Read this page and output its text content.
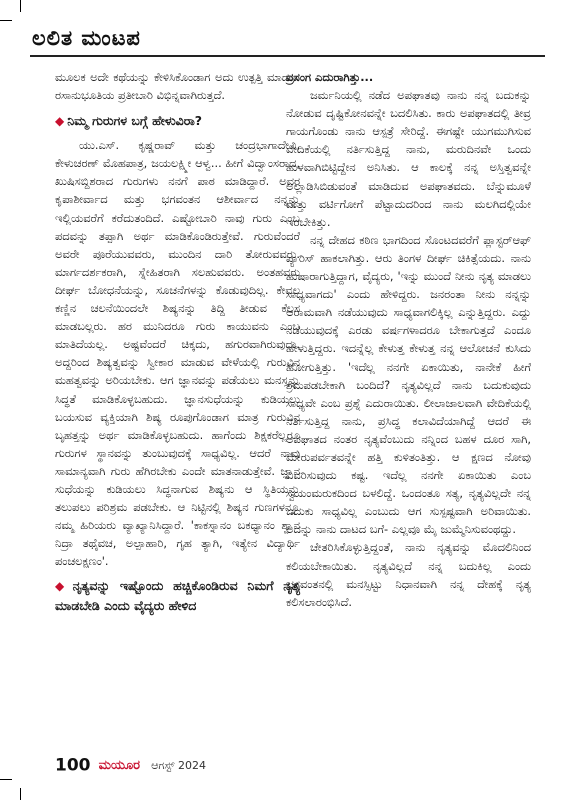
ಲಲಿತ ಮಂಟಪ

ಮೂಲಕ ಅದೇ ಕಥೆಯನ್ನು ಕೇಳಿಸಿಕೊಂಡಾಗ ಅದು ಉತ್ಪತ್ತಿ ಮಾಡುವ ರಸಾನುಭೂತಿಯ ಪ್ರತೀಬಾರಿ ವಿಭಿನ್ನವಾಗಿರುತ್ತದೆ.

◆ ನಿಮ್ಮ ಗುರುಗಳ ಬಗ್ಗೆ ಹೇಳುವಿರಾ?

ಯು.ಎಸ್. ಕೃಷ್ಣರಾವ್ ಮತ್ತು ಚಂದ್ರಭಾಗಾದೇವಿ, ಕೇಳುಚರಣ್ ಮೊಹಪಾತ್ರ, ಜಯಲಕ್ಷ್ಮೀ ಆಳ್ವ... ಹೀಗೆ ವಿದ್ವಾಂಸರಾದ, ಖುಷಿಸಬ್ದಿಶರಾದ ಗುರುಗಳು ನನಗೆ ಪಾಠ ಮಾಡಿದ್ದಾರೆ. ಅವರ ಕೃಪಾಶೀರ್ವಾದ ಮತ್ತು ಭಗವಂತನ ಆಶೀರ್ವಾದ ನನ್ನನ್ನು ಇಲ್ಲಿಯವರೆಗೆ ಕರೆದುತಂದಿದೆ. ಎಷ್ಟೋಬಾರಿ ನಾವು ಗುರು ಎಂಬ ಪದವನ್ನು ತಪ್ಪಾಗಿ ಅರ್ಥ ಮಾಡಿಕೊಂಡಿರುತ್ತೇವೆ. ಗುರುವೆಂದರೆ ಅವರೇ ಪೂರೆಯುವವರು, ಮುಂದಿನ ದಾರಿ ತೋರುವವರು. ಮಾರ್ಗದರ್ಶಕರಾಗಿ, ಸ್ನೇಹಿತರಾಗಿ ಸಲಹುವವರು. ಅಂತಹವರು ದೀರ್ಘ ಬೋಧನೆಯನ್ನು, ಸೂಚನೆಗಳನ್ನು ಕೊಡುವುದಿಲ್ಲ. ಕೇವಲ ಕಣ್ಣಿನ ಚಲನೆಯಿಂದಲೇ ಶಿಷ್ಯನನ್ನು ತಿದ್ದಿ ತೀಡುವ ಕೆಲಸ ಮಾಡಬಲ್ಲರು. ಹರ ಮುನಿದರೂ ಗುರು ಕಾಯುವನು ಎಂಬ ಮಾತಿದೆಯಲ್ಲ. ಅಷ್ಟವೆಂದರೆ ಚಿಕ್ಕದು, ಹಗುರವಾಗಿರುವುದು. ಅದ್ದರಿಂದ ಶಿಷ್ಯತ್ವವನ್ನು ಸ್ವೀಕಾರ ಮಾಡುವ ವೇಳೆಯಲ್ಲಿ ಗುರುವಿನ ಮಹತ್ವವನ್ನು ಅರಿಯಬೇಕು. ಆಗ ಜ್ಞಾನವನ್ನು ಪಡೆಯಲು ಮನಸ್ಸನ್ನು ಸಿದ್ಧತೆ ಮಾಡಿಕೊಳ್ಳಬಹುದು. ಜ್ಞಾನಸುಧೆಯನ್ನು ಕುಡಿಯಲು ಬಯಸುವ ವ್ಯಕ್ತಿಯಾಗಿ ಶಿಷ್ಯ ರೂಪುಗೊಂಡಾಗ ಮಾತ್ರ ಗುರುವಿನ ಬೃಹತ್ತನ್ನು ಅರ್ಥ ಮಾಡಿಕೊಳ್ಳಬಹುದು. ಹಾಗೆಂದು ಶಿಕ್ಷಕರೆಲ್ಲರೂ ಗುರುಗಳ ಸ್ಥಾನವನ್ನು ತುಂಬುವುದಕ್ಕೆ ಸಾಧ್ಯವಿಲ್ಲ. ಆದರೆ ನಾವು ಸಾಮಾನ್ಯವಾಗಿ ಗುರು ಹೆಗಿರಬೇಕು ಎಂದೇ ಮಾತನಾಡುತ್ತೇವೆ. ಜ್ಞಾನ ಸುಧೆಯನ್ನು ಕುಡಿಯಲು ಸಿದ್ಧನಾಗುವ ಶಿಷ್ಯನು ಆ ಸ್ಥಿತಿಯನ್ನು ತಲುಪಲು ಪರಿಶ್ರಮ ಪಡಬೇಕು. ಆ ನಿಟ್ಟಿನಲ್ಲಿ ಶಿಷ್ಯನ ಗುಣಗಳನ್ನೂ ನಮ್ಮ ಹಿರಿಯರು ವ್ಯಾಖ್ಯಾನಿಸಿದ್ದಾರೆ. 'ಕಾಕಸ್ನಾನಂ ಬಕಧ್ಯಾನಂ ಶ್ವಾನ ನಿದ್ರಾ ತಥೈವಚ, ಅಲ್ಪಾಹಾರಿ, ಗೃಹ ತ್ಯಾಗಿ, ಇತ್ಯೇನ ವಿದ್ಯಾರ್ಥಿ ಪಂಚಲಕ್ಷಣಂ'.

◆ ನೃತ್ಯವನ್ನು ಇಷ್ಟೊಂದು ಹಚ್ಚಿಕೊಂಡಿರುವ ನಿಮಗೆ ನೃತ್ಯ ಮಾಡಬೇಡಿ ಎಂದು ವೈದ್ಯರು ಹೇಳಿದ

ಪ್ರಸಂಗ ಎದುರಾಗಿತ್ತು...

ಜರ್ಮನಿಯಲ್ಲಿ ನಡೆದ ಅಪಘಾತವು ನಾನು ನನ್ನ ಬದುಕನ್ನು ನೋಡುವ ದೃಷ್ಟಿಕೋನವನ್ನೇ ಬದಲಿಸಿತು. ಕಾರು ಅಪಘಾತದಲ್ಲಿ ತೀವ್ರ ಗಾಯಗೊಂಡು ನಾನು ಆಸ್ಪತ್ರೆ ಸೇರಿದ್ದೆ. ಈಗಷ್ಟೇ ಯುಗಮುಗಿಸುವ ವೇದಿಕೆಯಲ್ಲಿ ನರ್ತಿಸುತ್ತಿದ್ದ ನಾನು, ಮರುದಿನವೇ ಒಂದು ಹುಳವಾಗಿಬಿಟ್ಟಿದ್ದೇನ ಅನಿಸಿತು. ಆ ಕಾಲಕ್ಕೆ ನನ್ನ ಅಸ್ತಿತ್ವವನ್ನೇ ಅಲ್ಲಾಡಿಸಿಬಿಡುವಂತೆ ಮಾಡಿದುವ ಅಪಘಾತವದು. ಬೆನ್ನುಮೂಳೆ ಮತ್ತು ವರ್ಟಿಗೋಗೆ ಪೆಟ್ಟಾದುದರಿಂದ ನಾನು ಮಲಗಿದಲ್ಲಿಯೇ ಇರಬೇಕಿತ್ತು.

ನನ್ನ ದೇಹದ ಕಠಿಣ ಭಾಗದಿಂದ ಸೊಂಟದವರೆಗೆ ಪ್ಲಾಸ್ಟರ್‌ಆಫ್ ಪ್ಯಾರಿಸ್ ಹಾಕಲಾಗಿತ್ತು. ಆರು ತಿಂಗಳ ದೀರ್ಘ ಚಿಕಿತ್ಸೆಯದು. ನಾನು ಹುಷಾರಾಗುತ್ತಿದ್ದಾಗ, ವೈದ್ಯರು, 'ಇನ್ನು ಮುಂದೆ ನೀನು ನೃತ್ಯ ಮಾಡಲು ಸಾಧ್ಯವಾಗದು' ಎಂದು ಹೇಳಿದ್ದರು. ಜನರಂತಾ ನೀನು ನನ್ನನ್ನು ಆರಾಮವಾಗಿ ನಡೆಯುವುದು ಸಾಧ್ಯವಾಗಲಿಕ್ಕಿಲ್ಲ ಎನ್ನುತ್ತಿದ್ದರು. ಎದ್ದು ನಡೆಯುವುದಕ್ಕೆ ಎರಡು ವರ್ಷಗಳಾದರೂ ಬೇಕಾಗುತ್ತದೆ ಎಂದೂ ಹೇಳುತ್ತಿದ್ದರು. ಇದನ್ನೆಲ್ಲ ಕೇಳುತ್ತ ಕೇಳುತ್ತ ನನ್ನ ಆಲೋಚನೆ ಕುಸಿದು ಹೋಗುತ್ತಿತ್ತು. 'ಇದೆಲ್ಲ ನನಗೇ ಏಕಾಯಿತು, ನಾನೇಕೆ ಹೀಗೆ ಶ್ರಮಪಡಬೇಕಾಗಿ ಬಂದಿದೆ? ನೃತ್ಯವಿಲ್ಲದೆ ನಾನು ಬದುಕುವುದು ಸಾಧ್ಯವೇ ಎಂಬ ಪ್ರಶ್ನೆ ಎದುರಾಯಿತು. ಲೀಲಾಜಾಲವಾಗಿ ವೇದಿಕೆಯಲ್ಲಿ ನರ್ತಿಸುತ್ತಿದ್ದ ನಾನು, ಪ್ರಸಿದ್ಧ ಕಲಾವಿದೆಯಾಗಿದ್ದೆ ಆದರೆ ಈ ಅಪಘಾತದ ನಂತರ ನೃತ್ಯವೆಂಬುದು ನನ್ನಿಂದ ಬಹಳ ದೂರ ಸಾಗಿ, ಮೇರುಪರ್ವತವನ್ನೇ ಹತ್ತಿ ಕುಳಿತಂತಿತ್ತು. ಆ ಕ್ಷಣದ ನೋವು ವಿವರಿಸುವುದು ಕಷ್ಟ. ಇದೆಲ್ಲ ನನಗೇ ಏಕಾಯಿತು ಎಂಬ ಸ್ವಯಂಮರುಕದಿಂದ ಬಳಲಿದ್ದೆ. ಒಂದಂತೂ ಸತ್ಯ, ನೃತ್ಯವಿಲ್ಲದೇ ನನ್ನ ಬದುಕು ಸಾಧ್ಯವಿಲ್ಲ ಎಂಬುದು ಆಗ ಸುಸ್ಪಷ್ಟವಾಗಿ ಅರಿವಾಯಿತು. ಅದನ್ನು ನಾನು ದಾಟದ ಬಗೆ- ಎಲ್ಲವೂ ಮೈ ಜುಮ್ಮೆನಿಸುವಂಥದ್ದು.

ಚೇತರಿಸಿಕೊಳ್ಳುತ್ತಿದ್ದಂತೆ, ನಾನು ನೃತ್ಯವನ್ನು ಮೊದಲಿನಿಂದ ಕಲಿಯಬೇಕಾಯಿತು. ನೃತ್ಯವಿಲ್ಲದೆ ನನ್ನ ಬದುಕಿಲ್ಲ ಎಂದು ಭಗವಂತನಲ್ಲಿ ಮನಸ್ಸಿಟ್ಟು ನಿಧಾನವಾಗಿ ನನ್ನ ದೇಹಕ್ಕೆ ನೃತ್ಯ ಕಲಿಸಲಾರಂಭಿಸಿದೆ.

100 ಮಯೂರ ಆಗಸ್ಟ್ 2024
